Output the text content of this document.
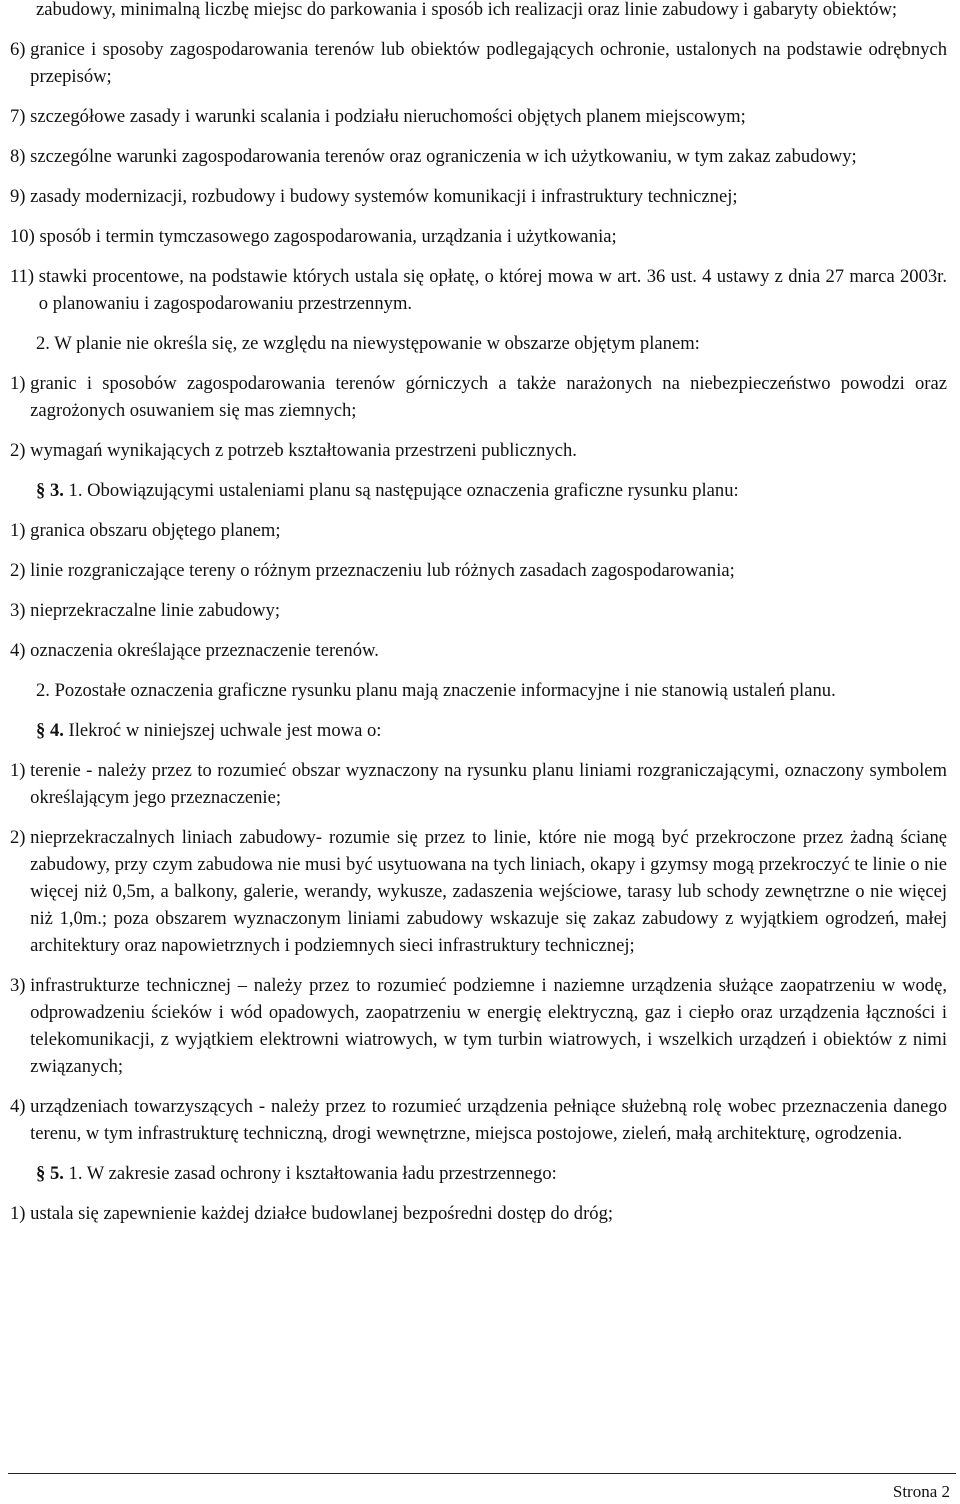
zabudowy, minimalną liczbę miejsc do parkowania i sposób ich realizacji oraz linie zabudowy i gabaryty obiektów;
6) granice i sposoby zagospodarowania terenów lub obiektów podlegających ochronie, ustalonych na podstawie odrębnych przepisów;
7) szczegółowe zasady i warunki scalania i podziału nieruchomości objętych planem miejscowym;
8) szczególne warunki zagospodarowania terenów oraz ograniczenia w ich użytkowaniu, w tym zakaz zabudowy;
9) zasady modernizacji, rozbudowy i budowy systemów komunikacji i infrastruktury technicznej;
10) sposób i termin tymczasowego zagospodarowania, urządzania i użytkowania;
11) stawki procentowe, na podstawie których ustala się opłatę, o której mowa w art. 36 ust. 4 ustawy z dnia 27 marca 2003r. o planowaniu i zagospodarowaniu przestrzennym.
2. W planie nie określa się, ze względu na niewystępowanie w obszarze objętym planem:
1) granic i sposobów zagospodarowania terenów górniczych a także narażonych na niebezpieczeństwo powodzi oraz zagrożonych osuwaniem się mas ziemnych;
2) wymagań wynikających z potrzeb kształtowania przestrzeni publicznych.
§ 3. 1. Obowiązującymi ustaleniami planu są następujące oznaczenia graficzne rysunku planu:
1) granica obszaru objętego planem;
2) linie rozgraniczające tereny o różnym przeznaczeniu lub różnych zasadach zagospodarowania;
3) nieprzekraczalne linie zabudowy;
4) oznaczenia określające przeznaczenie terenów.
2. Pozostałe oznaczenia graficzne rysunku planu mają znaczenie informacyjne i nie stanowią ustaleń planu.
§ 4. Ilekroć w niniejszej uchwale jest mowa o:
1) terenie - należy przez to rozumieć obszar wyznaczony na rysunku planu liniami rozgraniczającymi, oznaczony symbolem określającym jego przeznaczenie;
2) nieprzekraczalnych liniach zabudowy- rozumie się przez to linie, które nie mogą być przekroczone przez żadną ścianę zabudowy, przy czym zabudowa nie musi być usytuowana na tych liniach, okapy i gzymsy mogą przekroczyć te linie o nie więcej niż 0,5m, a balkony, galerie, werandy, wykusze, zadaszenia wejściowe, tarasy lub schody zewnętrzne o nie więcej niż 1,0m.; poza obszarem wyznaczonym liniami zabudowy wskazuje się zakaz zabudowy z wyjątkiem ogrodzeń, małej architektury oraz napowietrznych i podziemnych sieci infrastruktury technicznej;
3) infrastrukturze technicznej – należy przez to rozumieć podziemne i naziemne urządzenia służące zaopatrzeniu w wodę, odprowadzeniu ścieków i wód opadowych, zaopatrzeniu w energię elektryczną, gaz i ciepło oraz urządzenia łączności i telekomunikacji, z wyjątkiem elektrowni wiatrowych, w tym turbin wiatrowych, i wszelkich urządzeń i obiektów z nimi związanych;
4) urządzeniach towarzyszących - należy przez to rozumieć urządzenia pełniące służebną rolę wobec przeznaczenia danego terenu, w tym infrastrukturę techniczną, drogi wewnętrzne, miejsca postojowe, zieleń, małą architekturę, ogrodzenia.
§ 5. 1. W zakresie zasad ochrony i kształtowania ładu przestrzennego:
1) ustala się zapewnienie każdej działce budowlanej bezpośredni dostęp do dróg;
Strona 2
